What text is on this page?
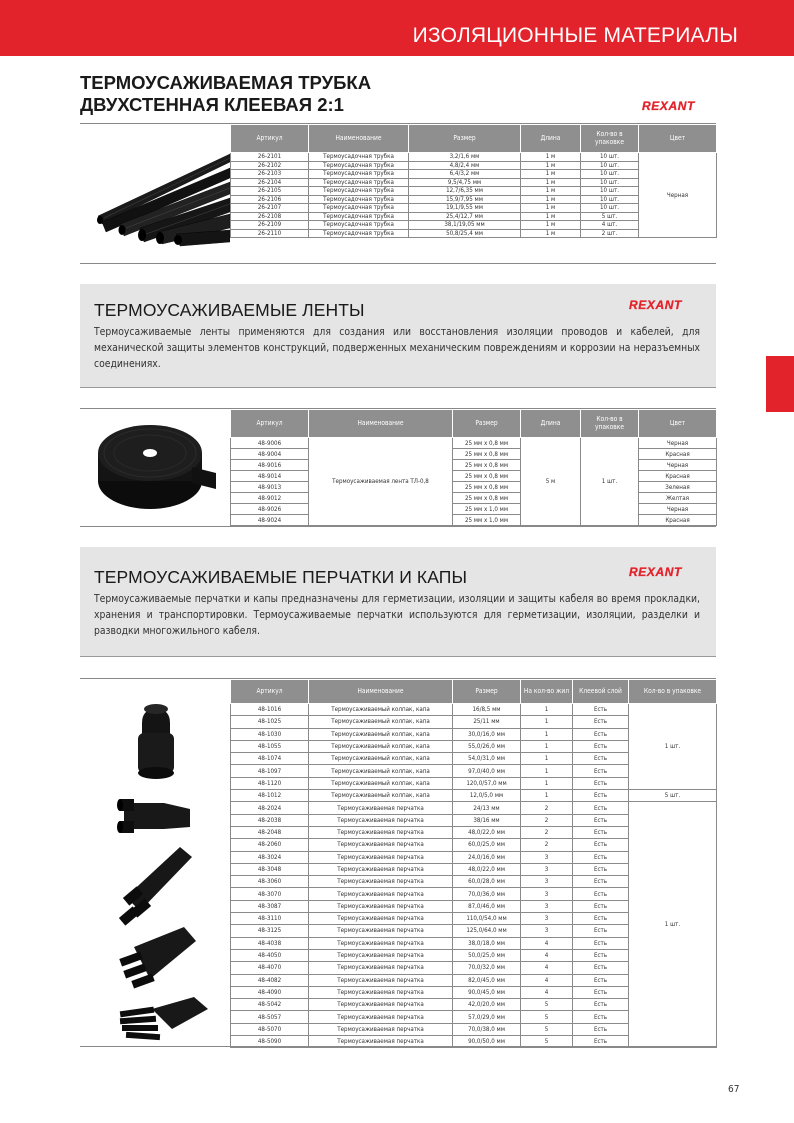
ИЗОЛЯЦИОННЫЕ МАТЕРИАЛЫ
ТЕРМОУСАЖИВАЕМАЯ ТРУБКА
ДВУХСТЕННАЯ КЛЕЕВАЯ 2:1	REXANT
Артикул	Наименование	Размер	Длина	Кол-во в упаковке	Цвет
26-2101	Термоусадочная трубка	3,2/1,6 мм	1 м	10 шт.	Черная
26-2102	Термоусадочная трубка	4,8/2,4 мм	1 м	10 шт.	
26-2103	Термоусадочная трубка	6,4/3,2 мм	1 м	10 шт.	
26-2104	Термоусадочная трубка	9,5/4,75 мм	1 м	10 шт.	
26-2105	Термоусадочная трубка	12,7/6,35 мм	1 м	10 шт.	
26-2106	Термоусадочная трубка	15,9/7,95 мм	1 м	10 шт.	
26-2107	Термоусадочная трубка	19,1/9,55 мм	1 м	10 шт.	
26-2108	Термоусадочная трубка	25,4/12,7 мм	1 м	5 шт.	
26-2109	Термоусадочная трубка	38,1/19,05 мм	1 м	4 шт.	
26-2110	Термоусадочная трубка	50,8/25,4 мм	1 м	2 шт.	
ТЕРМОУСАЖИВАЕМЫЕ ЛЕНТЫ	REXANT
Термоусаживаемые ленты применяются для создания или восстановления изоляции проводов и кабелей, для механической защиты элементов конструкций, подверженных механическим повреждениям и коррозии на неразъемных соединениях.
Артикул	Наименование	Размер	Длина	Кол-во в упаковке	Цвет
48-9006	Термоусаживаемая лента ТЛ-0,8	25 мм x 0,8 мм	5 м	1 шт.	Черная
48-9004		25 мм x 0,8 мм			Красная
48-9016		25 мм x 0,8 мм			Черная
48-9014		25 мм x 0,8 мм			Красная
48-9013		25 мм x 0,8 мм			Зеленая
48-9012		25 мм x 0,8 мм			Желтая
48-9026		25 мм x 1,0 мм			Черная
48-9024		25 мм x 1,0 мм			Красная
ТЕРМОУСАЖИВАЕМЫЕ ПЕРЧАТКИ И КАПЫ	REXANT
Термоусаживаемые перчатки и капы предназначены для герметизации, изоляции и защиты кабеля во время прокладки, хранения и транспортировки. Термоусаживаемые перчатки используются для герметизации, изоляции, разделки и разводки многожильного кабеля.
Артикул	Наименование	Размер	На кол-во жил	Клеевой слой	Кол-во в упаковке
48-1016	Термоусаживаемый колпак, капа	16/8,5 мм	1	Есть	1 шт.
48-1025	Термоусаживаемый колпак, капа	25/11 мм	1	Есть	
48-1030	Термоусаживаемый колпак, капа	30,0/16,0 мм	1	Есть	
48-1055	Термоусаживаемый колпак, капа	55,0/26,0 мм	1	Есть	
48-1074	Термоусаживаемый колпак, капа	54,0/31,0 мм	1	Есть	
48-1097	Термоусаживаемый колпак, капа	97,0/40,0 мм	1	Есть	
48-1120	Термоусаживаемый колпак, капа	120,0/57,0 мм	1	Есть	
48-1012	Термоусаживаемый колпак, капа	12,0/5,0 мм	1	Есть	5 шт.
48-2024	Термоусаживаемая перчатка	24/13 мм	2	Есть	1 шт.
48-2038	Термоусаживаемая перчатка	38/16 мм	2	Есть	
48-2048	Термоусаживаемая перчатка	48,0/22,0 мм	2	Есть	
48-2060	Термоусаживаемая перчатка	60,0/25,0 мм	2	Есть	
48-3024	Термоусаживаемая перчатка	24,0/16,0 мм	3	Есть	
48-3048	Термоусаживаемая перчатка	48,0/22,0 мм	3	Есть	
48-3060	Термоусаживаемая перчатка	60,0/28,0 мм	3	Есть	
48-3070	Термоусаживаемая перчатка	70,0/36,0 мм	3	Есть	
48-3087	Термоусаживаемая перчатка	87,0/46,0 мм	3	Есть	
48-3110	Термоусаживаемая перчатка	110,0/54,0 мм	3	Есть	
48-3125	Термоусаживаемая перчатка	125,0/64,0 мм	3	Есть	
48-4038	Термоусаживаемая перчатка	38,0/18,0 мм	4	Есть	
48-4050	Термоусаживаемая перчатка	50,0/25,0 мм	4	Есть	
48-4070	Термоусаживаемая перчатка	70,0/32,0 мм	4	Есть	
48-4082	Термоусаживаемая перчатка	82,0/45,0 мм	4	Есть	
48-4090	Термоусаживаемая перчатка	90,0/45,0 мм	4	Есть	
48-5042	Термоусаживаемая перчатка	42,0/20,0 мм	5	Есть	
48-5057	Термоусаживаемая перчатка	57,0/29,0 мм	5	Есть	
48-5070	Термоусаживаемая перчатка	70,0/38,0 мм	5	Есть	
48-5090	Термоусаживаемая перчатка	90,0/50,0 мм	5	Есть	
67
